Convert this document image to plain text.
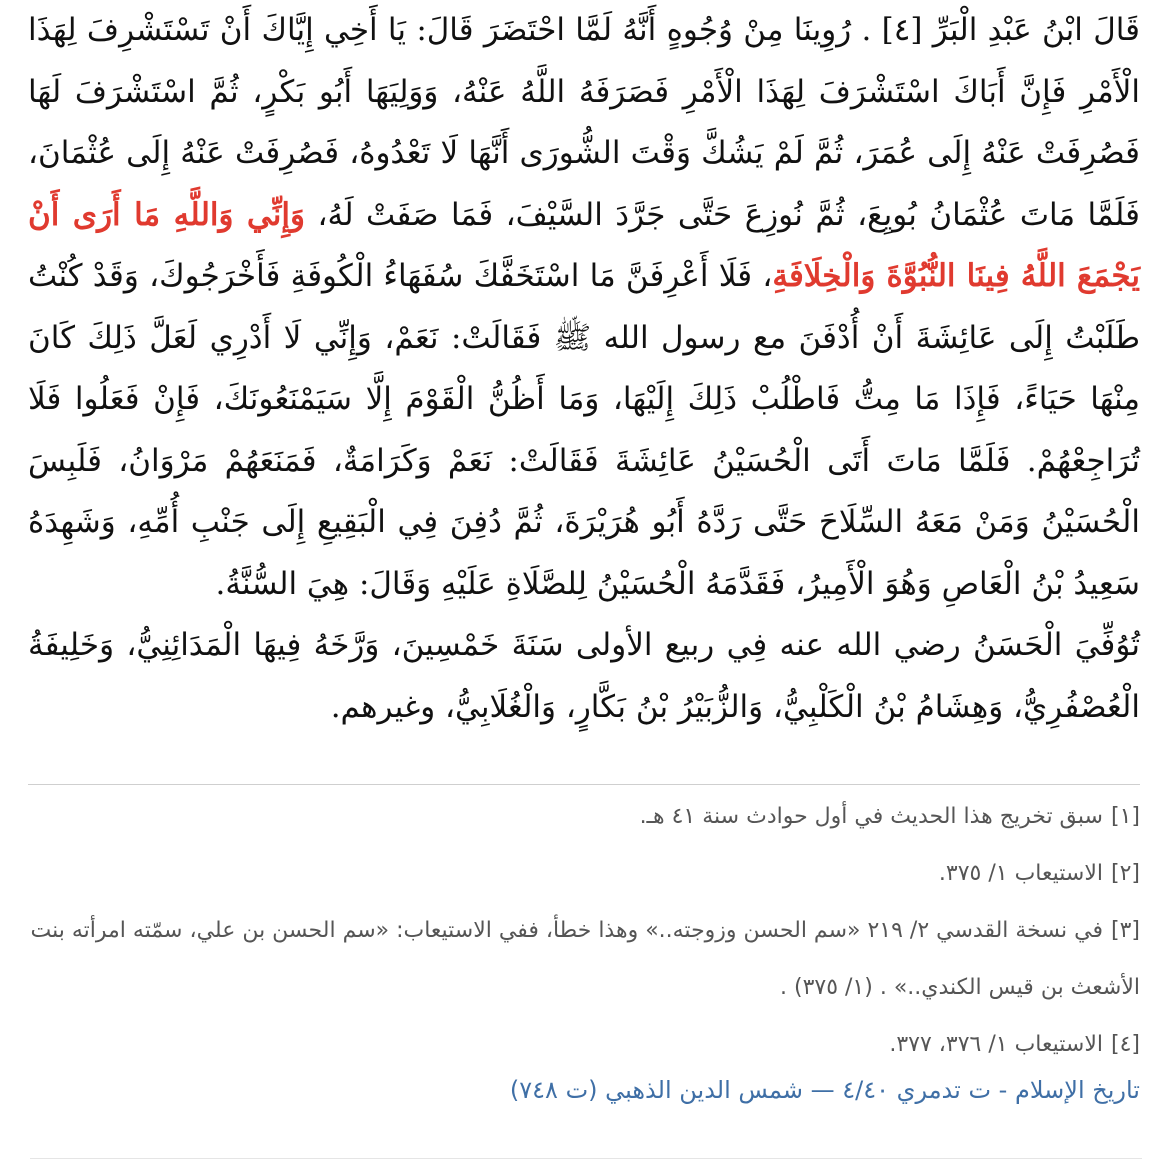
قَالَ ابْنُ عَبْدِ الْبَرِّ [٤] . رُوِينَا مِنْ وُجُوهٍ أَنَّهُ لَمَّا احْتَضَرَ قَالَ: يَا أَخِي إِيَّاكَ أَنْ تَسْتَشْرِفَ لِهَذَا الْأَمْرِ فَإِنَّ أَبَاكَ اسْتَشْرَفَ لِهَذَا الْأَمْرِ فَصَرَفَهُ اللَّهُ عَنْهُ، وَوَلِيَهَا أَبُو بَكْرٍ، ثُمَّ اسْتَشْرَفَ لَهَا فَصُرِفَتْ عَنْهُ إِلَى عُمَرَ، ثُمَّ لَمْ يَشُكَّ وَقْتَ الشُّورَى أَنَّهَا لَا تَعْدُوهُ، فَصُرِفَتْ عَنْهُ إِلَى عُثْمَانَ، فَلَمَّا مَاتَ عُثْمَانُ بُويِعَ، ثُمَّ نُوزِعَ حَتَّى جَرَّدَ السَّيْفَ، فَمَا صَفَتْ لَهُ، وَإِنِّي وَاللَّهِ مَا أَرَى أَنْ يَجْمَعَ اللَّهُ فِينَا النُّبُوَّةَ وَالْخِلَافَةِ، فَلَا أَعْرِفَنَّ مَا اسْتَخَفَّكَ سُفَهَاءُ الْكُوفَةِ فَأَخْرَجُوكَ، وَقَدْ كُنْتُ طَلَبْتُ إِلَى عَائِشَةَ أَنْ أُدْفَنَ مع رسول الله ﷺ فَقَالَتْ: نَعَمْ، وَإِنِّي لَا أَدْرِي لَعَلَّ ذَلِكَ كَانَ مِنْهَا حَيَاءً، فَإِذَا مَا مِتُّ فَاطْلُبْ ذَلِكَ إِلَيْهَا، وَمَا أَظُنُّ الْقَوْمَ إِلَّا سَيَمْنَعُونَكَ، فَإِنْ فَعَلُوا فَلَا تُرَاجِعْهُمْ. فَلَمَّا مَاتَ أَتَى الْحُسَيْنُ عَائِشَةَ فَقَالَتْ: نَعَمْ وَكَرَامَةٌ، فَمَنَعَهُمْ مَرْوَانُ، فَلَبِسَ الْحُسَيْنُ وَمَنْ مَعَهُ السِّلَاحَ حَتَّى رَدَّهُ أَبُو هُرَيْرَةَ، ثُمَّ دُفِنَ فِي الْبَقِيعِ إِلَى جَنْبِ أُمِّهِ، وَشَهِدَهُ سَعِيدُ بْنُ الْعَاصِ وَهُوَ الْأَمِيرُ، فَقَدَّمَهُ الْحُسَيْنُ لِلصَّلَاةِ عَلَيْهِ وَقَالَ: هِيَ السُّنَّةُ.

تُوُفِّيَ الْحَسَنُ رضي الله عنه فِي ربيع الأولى سَنَةَ خَمْسِينَ، وَرَّخَهُ فِيهَا الْمَدَائِنِيُّ، وَخَلِيفَةُ الْعُصْفُرِيُّ، وَهِشَامُ بْنُ الْكَلْبِيُّ، وَالزُّبَيْرُ بْنُ بَكَّارٍ، وَالْغُلَابِيُّ، وغيرهم.

[١]سبق تخريج هذا الحديث في أول حوادث سنة ٤١ هـ.

[٢]الاستيعاب ١/ ٣٧٥.

[٣]في نسخة القدسي ٢/ ٢١٩ «سم الحسن وزوجته..» وهذا خطأ، ففي الاستيعاب: «سم الحسن بن علي، سمّته امرأته بنت الأشعث بن قيس الكندي..» . (١/ ٣٧٥) .

[٤]الاستيعاب ١/ ٣٧٦، ٣٧٧.

تاريخ الإسلام - ت تدمري ٤/٤٠ — شمس الدين الذهبي (ت ٧٤٨)
